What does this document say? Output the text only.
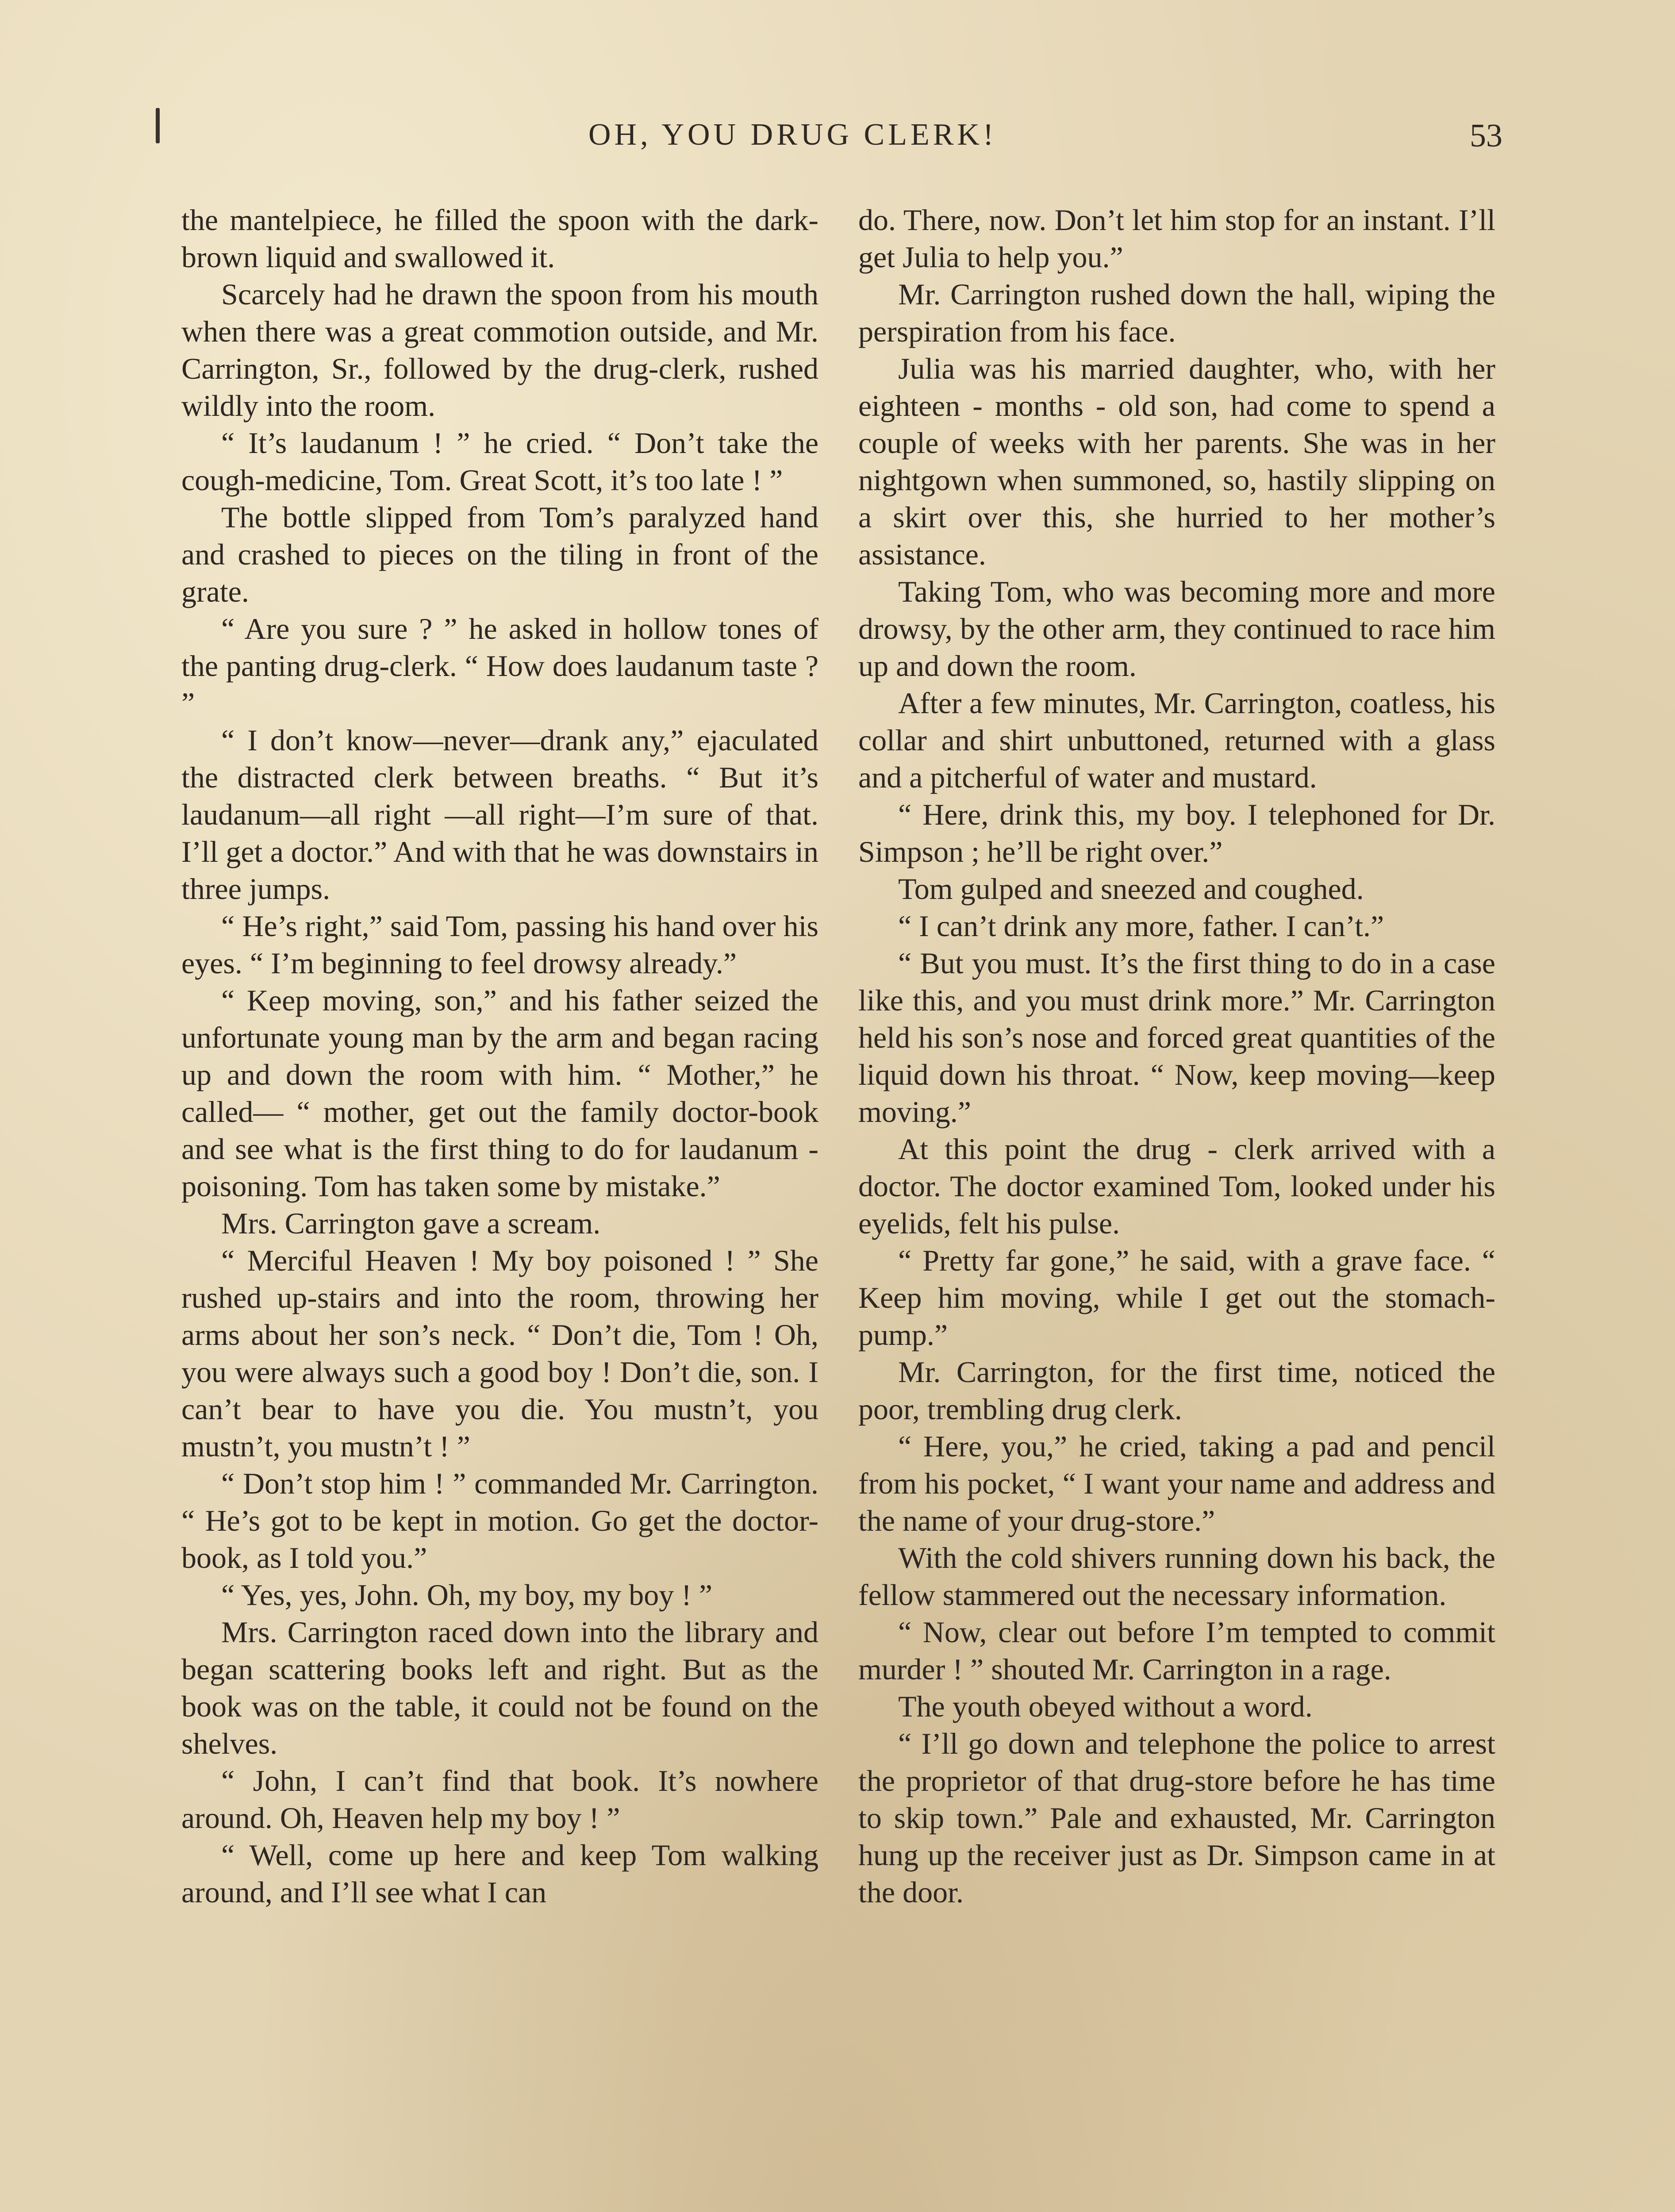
OH, YOU DRUG CLERK!	53

the mantelpiece, he filled the spoon with the dark-brown liquid and swallowed it.

Scarcely had he drawn the spoon from his mouth when there was a great commotion outside, and Mr. Carrington, Sr., followed by the drug-clerk, rushed wildly into the room.

“ It’s laudanum ! ” he cried. “ Don’t take the cough-medicine, Tom. Great Scott, it’s too late ! ”

The bottle slipped from Tom’s paralyzed hand and crashed to pieces on the tiling in front of the grate.

“ Are you sure ? ” he asked in hollow tones of the panting drug-clerk. “ How does laudanum taste ? ”

“ I don’t know—never—drank any,” ejaculated the distracted clerk between breaths. “ But it’s laudanum—all right —all right—I’m sure of that. I’ll get a doctor.” And with that he was downstairs in three jumps.

“ He’s right,” said Tom, passing his hand over his eyes. “ I’m beginning to feel drowsy already.”

“ Keep moving, son,” and his father seized the unfortunate young man by the arm and began racing up and down the room with him. “ Mother,” he called— “ mother, get out the family doctor-book and see what is the first thing to do for laudanum - poisoning. Tom has taken some by mistake.”

Mrs. Carrington gave a scream.

“ Merciful Heaven ! My boy poisoned ! ” She rushed up-stairs and into the room, throwing her arms about her son’s neck. “ Don’t die, Tom ! Oh, you were always such a good boy ! Don’t die, son. I can’t bear to have you die. You mustn’t, you mustn’t, you mustn’t ! ”

“ Don’t stop him ! ” commanded Mr. Carrington. “ He’s got to be kept in motion. Go get the doctor-book, as I told you.”

“ Yes, yes, John. Oh, my boy, my boy ! ”

Mrs. Carrington raced down into the library and began scattering books left and right. But as the book was on the table, it could not be found on the shelves.

“ John, I can’t find that book. It’s nowhere around. Oh, Heaven help my boy ! ”

“ Well, come up here and keep Tom walking around, and I’ll see what I can

do. There, now. Don’t let him stop for an instant. I’ll get Julia to help you.”

Mr. Carrington rushed down the hall, wiping the perspiration from his face.

Julia was his married daughter, who, with her eighteen - months - old son, had come to spend a couple of weeks with her parents. She was in her nightgown when summoned, so, hastily slipping on a skirt over this, she hurried to her mother’s assistance.

Taking Tom, who was becoming more and more drowsy, by the other arm, they continued to race him up and down the room.

After a few minutes, Mr. Carrington, coatless, his collar and shirt unbuttoned, returned with a glass and a pitcherful of water and mustard.

“ Here, drink this, my boy. I telephoned for Dr. Simpson ; he’ll be right over.”

Tom gulped and sneezed and coughed.

“ I can’t drink any more, father. I can’t.”

“ But you must. It’s the first thing to do in a case like this, and you must drink more.” Mr. Carrington held his son’s nose and forced great quantities of the liquid down his throat. “ Now, keep moving—keep moving.”

At this point the drug - clerk arrived with a doctor. The doctor examined Tom, looked under his eyelids, felt his pulse.

“ Pretty far gone,” he said, with a grave face. “ Keep him moving, while I get out the stomach-pump.”

Mr. Carrington, for the first time, noticed the poor, trembling drug clerk.

“ Here, you,” he cried, taking a pad and pencil from his pocket, “ I want your name and address and the name of your drug-store.”

With the cold shivers running down his back, the fellow stammered out the necessary information.

“ Now, clear out before I’m tempted to commit murder ! ” shouted Mr. Carrington in a rage.

The youth obeyed without a word.

“ I’ll go down and telephone the police to arrest the proprietor of that drug-store before he has time to skip town.” Pale and exhausted, Mr. Carrington hung up the receiver just as Dr. Simpson came in at the door.
